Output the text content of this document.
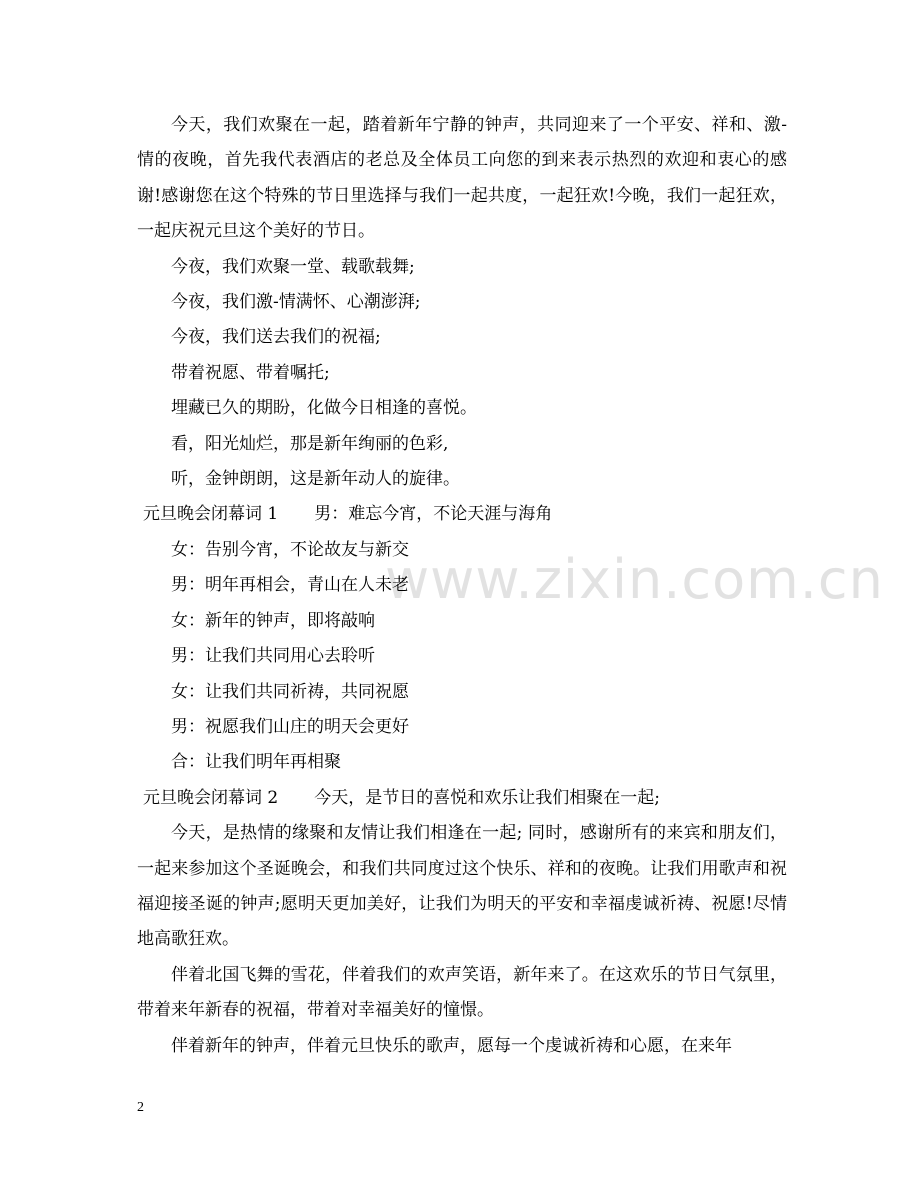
www.zixin.com.cn

今天，我们欢聚在一起，踏着新年宁静的钟声，共同迎来了一个平安、祥和、激-情的夜晚，首先我代表酒店的老总及全体员工向您的到来表示热烈的欢迎和衷心的感谢!感谢您在这个特殊的节日里选择与我们一起共度，一起狂欢!今晚，我们一起狂欢，一起庆祝元旦这个美好的节日。

今夜，我们欢聚一堂、载歌载舞;

今夜，我们激-情满怀、心潮澎湃;

今夜，我们送去我们的祝福;

带着祝愿、带着嘱托;

埋藏已久的期盼，化做今日相逢的喜悦。

看，阳光灿烂，那是新年绚丽的色彩,

听，金钟朗朗，这是新年动人的旋律。

元旦晚会闭幕词 1 男：难忘今宵，不论天涯与海角

女：告别今宵，不论故友与新交

男：明年再相会，青山在人未老

女：新年的钟声，即将敲响

男：让我们共同用心去聆听

女：让我们共同祈祷，共同祝愿

男：祝愿我们山庄的明天会更好

合：让我们明年再相聚

元旦晚会闭幕词 2 今天，是节日的喜悦和欢乐让我们相聚在一起;

今天，是热情的缘聚和友情让我们相逢在一起; 同时，感谢所有的来宾和朋友们，一起来参加这个圣诞晚会，和我们共同度过这个快乐、祥和的夜晚。让我们用歌声和祝福迎接圣诞的钟声;愿明天更加美好，让我们为明天的平安和幸福虔诚祈祷、祝愿!尽情地高歌狂欢。

伴着北国飞舞的雪花，伴着我们的欢声笑语，新年来了。在这欢乐的节日气氛里，带着来年新春的祝福，带着对幸福美好的憧憬。

伴着新年的钟声，伴着元旦快乐的歌声，愿每一个虔诚祈祷和心愿，在来年

2
